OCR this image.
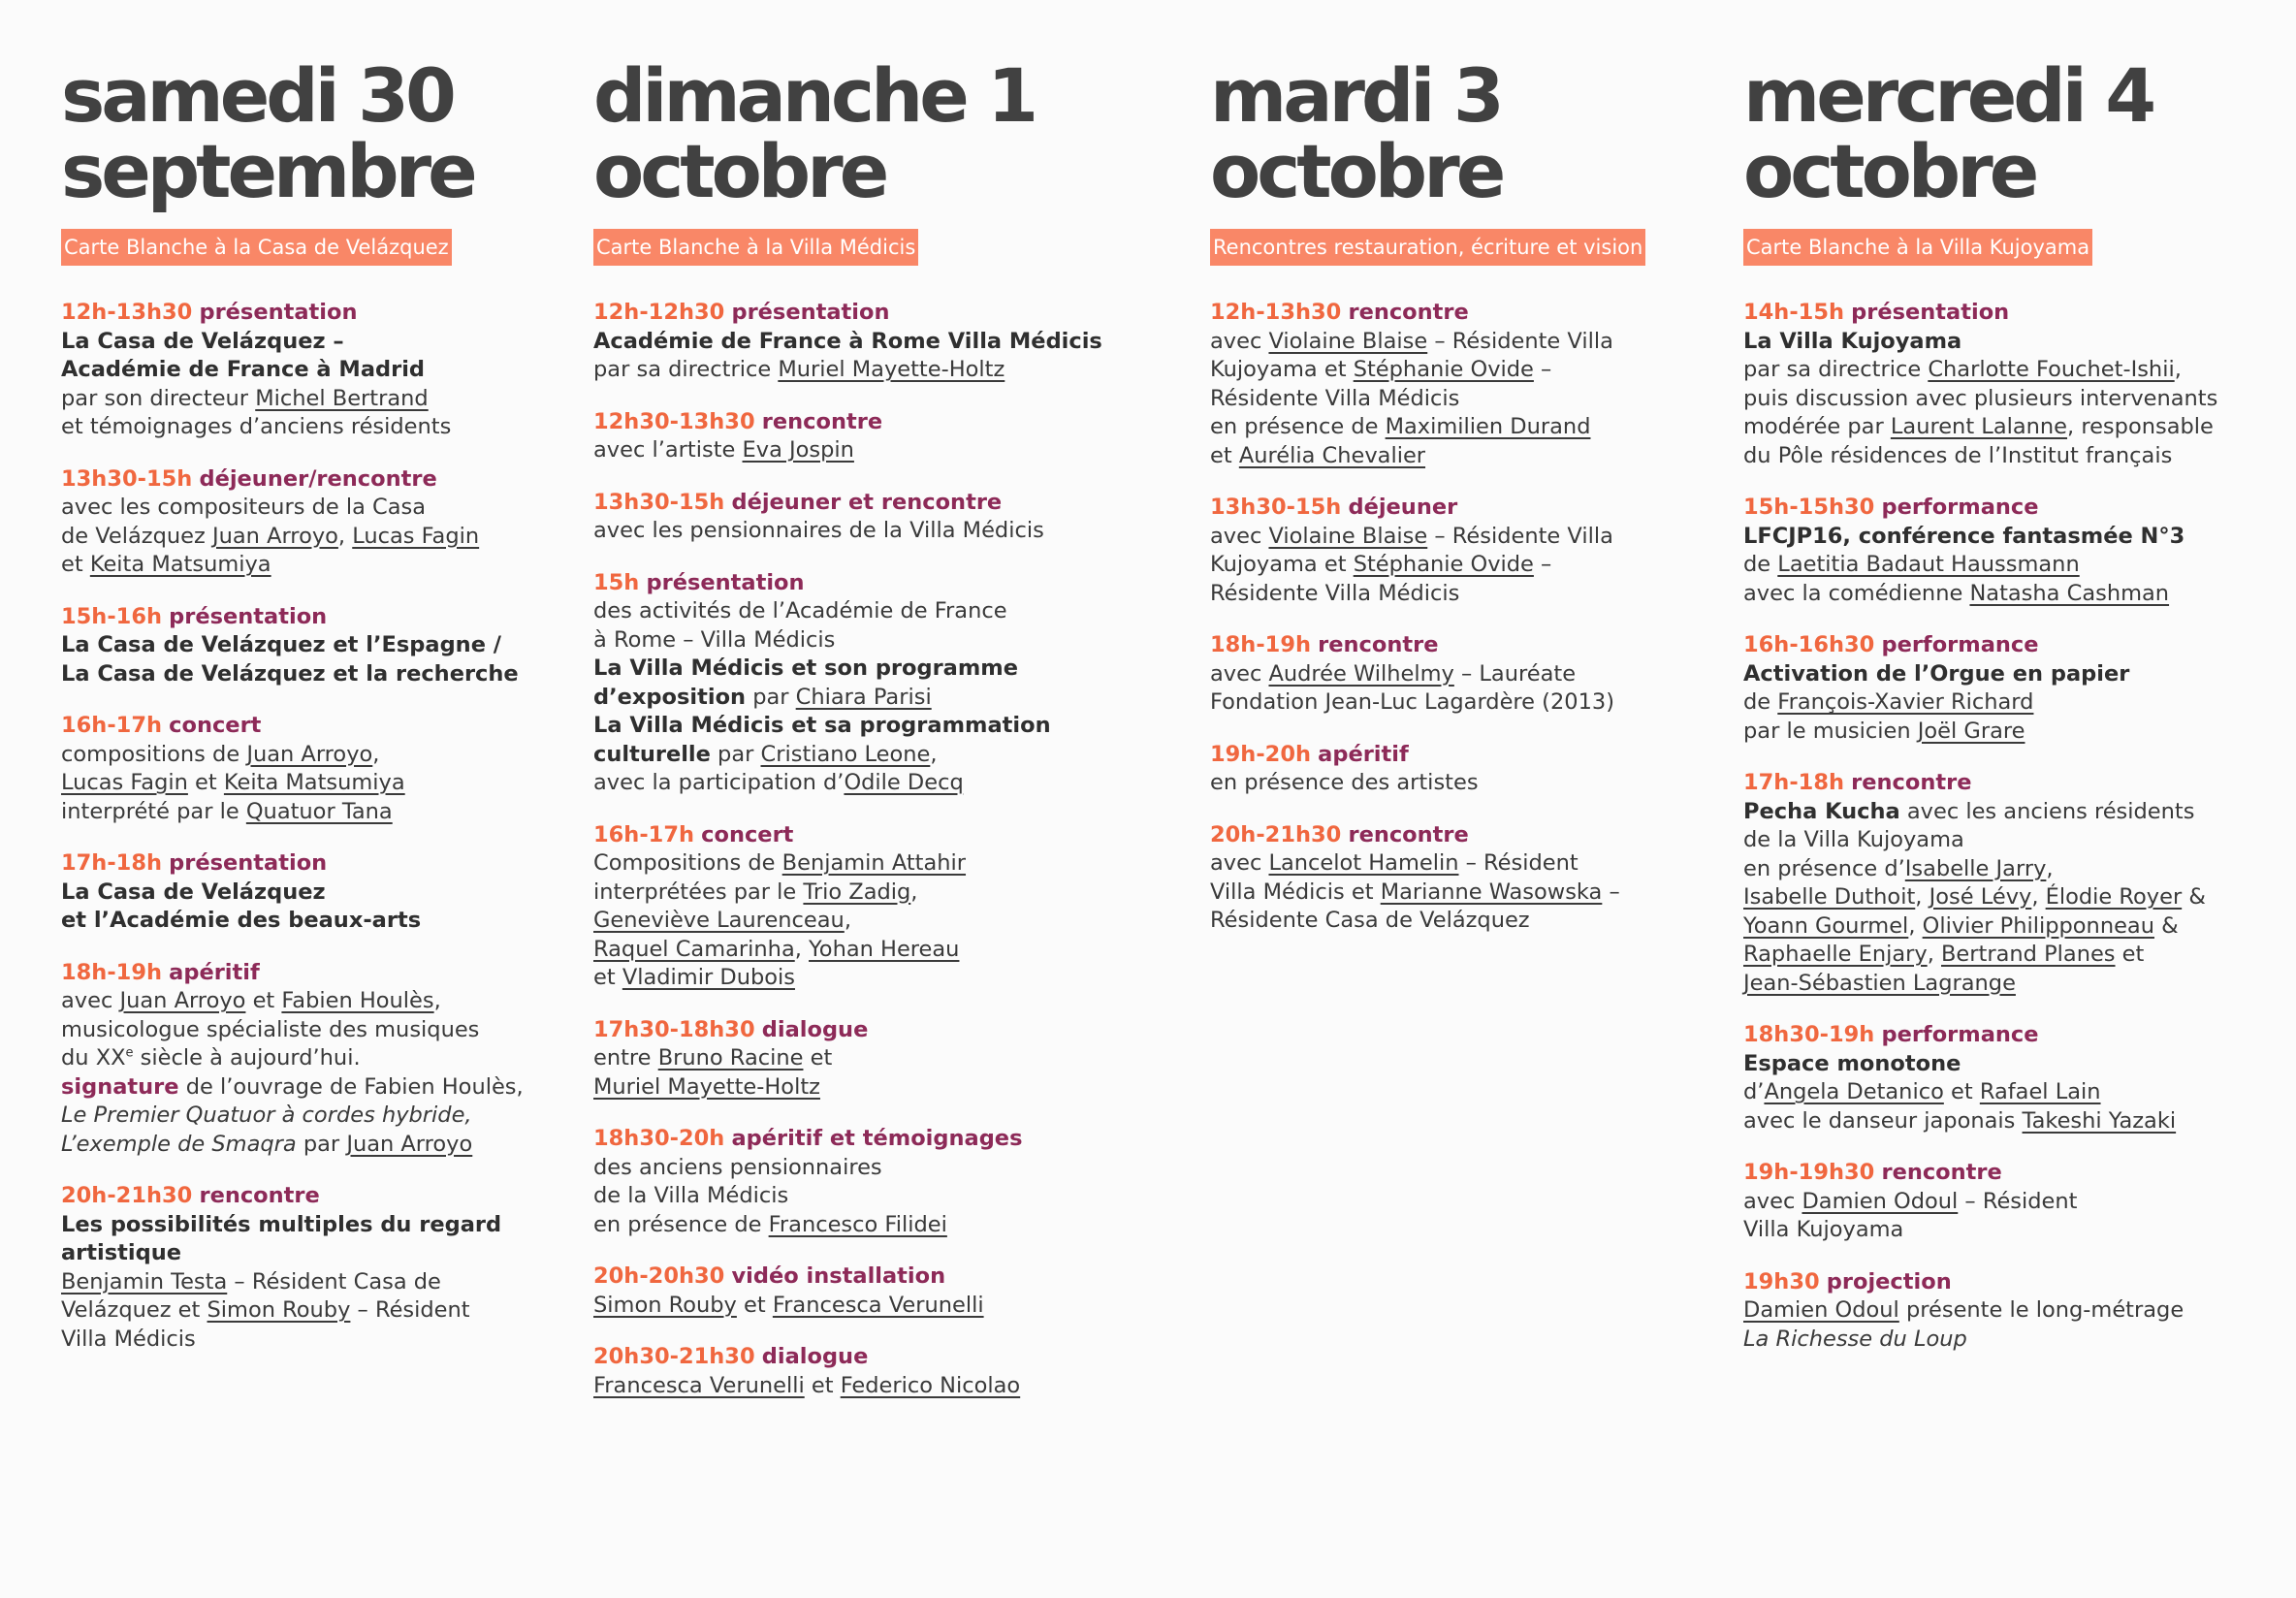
samedi 30
septembre
Carte Blanche à la Casa de Velázquez
12h-13h30 présentation
La Casa de Velázquez –
Académie de France à Madrid
par son directeur Michel Bertrand
et témoignages d’anciens résidents
13h30-15h déjeuner/rencontre
avec les compositeurs de la Casa
de Velázquez Juan Arroyo, Lucas Fagin
et Keita Matsumiya
15h-16h présentation
La Casa de Velázquez et l’Espagne /
La Casa de Velázquez et la recherche
16h-17h concert
compositions de Juan Arroyo,
Lucas Fagin et Keita Matsumiya
interprété par le Quatuor Tana
17h-18h présentation
La Casa de Velázquez
et l’Académie des beaux-arts
18h-19h apéritif
avec Juan Arroyo et Fabien Houlès,
musicologue spécialiste des musiques
du XXe siècle à aujourd’hui.
signature de l’ouvrage de Fabien Houlès,
Le Premier Quatuor à cordes hybride,
L’exemple de Smaqra par Juan Arroyo
20h-21h30 rencontre
Les possibilités multiples du regard
artistique
Benjamin Testa – Résident Casa de
Velázquez et Simon Rouby – Résident
Villa Médicis
dimanche 1
octobre
Carte Blanche à la Villa Médicis
12h-12h30 présentation
Académie de France à Rome Villa Médicis
par sa directrice Muriel Mayette-Holtz
12h30-13h30 rencontre
avec l’artiste Eva Jospin
13h30-15h déjeuner et rencontre
avec les pensionnaires de la Villa Médicis
15h présentation
des activités de l’Académie de France
à Rome – Villa Médicis
La Villa Médicis et son programme
d’exposition par Chiara Parisi
La Villa Médicis et sa programmation
culturelle par Cristiano Leone,
avec la participation d’Odile Decq
16h-17h concert
Compositions de Benjamin Attahir
interprétées par le Trio Zadig,
Geneviève Laurenceau,
Raquel Camarinha, Yohan Hereau
et Vladimir Dubois
17h30-18h30 dialogue
entre Bruno Racine et
Muriel Mayette-Holtz
18h30-20h apéritif et témoignages
des anciens pensionnaires
de la Villa Médicis
en présence de Francesco Filidei
20h-20h30 vidéo installation
Simon Rouby et Francesca Verunelli
20h30-21h30 dialogue
Francesca Verunelli et Federico Nicolao
mardi 3
octobre
Rencontres restauration, écriture et vision
12h-13h30 rencontre
avec Violaine Blaise – Résidente Villa
Kujoyama et Stéphanie Ovide –
Résidente Villa Médicis
en présence de Maximilien Durand
et Aurélia Chevalier
13h30-15h déjeuner
avec Violaine Blaise – Résidente Villa
Kujoyama et Stéphanie Ovide –
Résidente Villa Médicis
18h-19h rencontre
avec Audrée Wilhelmy – Lauréate
Fondation Jean-Luc Lagardère (2013)
19h-20h apéritif
en présence des artistes
20h-21h30 rencontre
avec Lancelot Hamelin – Résident
Villa Médicis et Marianne Wasowska –
Résidente Casa de Velázquez
mercredi 4
octobre
Carte Blanche à la Villa Kujoyama
14h-15h présentation
La Villa Kujoyama
par sa directrice Charlotte Fouchet-Ishii,
puis discussion avec plusieurs intervenants
modérée par Laurent Lalanne, responsable
du Pôle résidences de l’Institut français
15h-15h30 performance
LFCJP16, conférence fantasmée N°3
de Laetitia Badaut Haussmann
avec la comédienne Natasha Cashman
16h-16h30 performance
Activation de l’Orgue en papier
de François-Xavier Richard
par le musicien Joël Grare
17h-18h rencontre
Pecha Kucha avec les anciens résidents
de la Villa Kujoyama
en présence d’Isabelle Jarry,
Isabelle Duthoit, José Lévy, Élodie Royer &
Yoann Gourmel, Olivier Philipponneau &
Raphaelle Enjary, Bertrand Planes et
Jean-Sébastien Lagrange
18h30-19h performance
Espace monotone
d’Angela Detanico et Rafael Lain
avec le danseur japonais Takeshi Yazaki
19h-19h30 rencontre
avec Damien Odoul – Résident
Villa Kujoyama
19h30 projection
Damien Odoul présente le long-métrage
La Richesse du Loup
